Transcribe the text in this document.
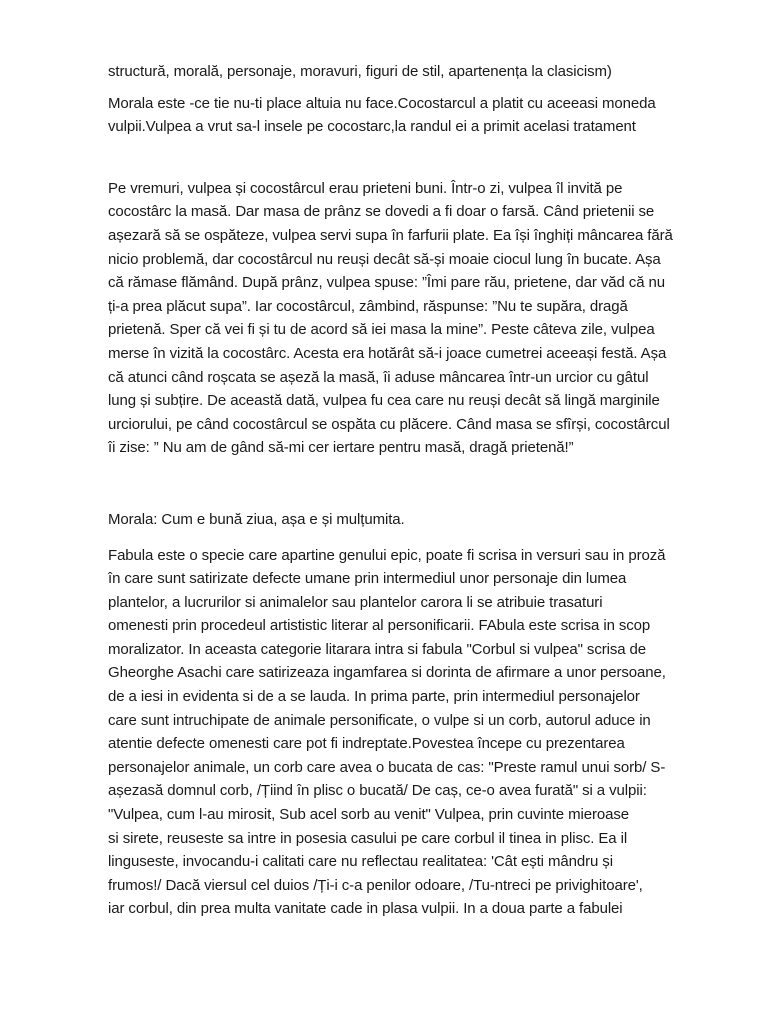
structură, morală, personaje, moravuri, figuri de stil, apartenența la clasicism)

Morala este -ce tie nu-ti place altuia nu face.Cocostarcul a platit cu aceeasi moneda
vulpii.Vulpea a vrut sa-l insele pe cocostarc,la randul ei a primit acelasi tratament

Pe vremuri, vulpea și cocostârcul erau prieteni buni. Într-o zi, vulpea îl invită pe
cocostârc la masă. Dar masa de prânz se dovedi a fi doar o farsă. Când prietenii se
așezară să se ospăteze, vulpea servi supa în farfurii plate. Ea își înghiți mâncarea fără
nicio problemă, dar cocostârcul nu reuși decât să-și moaie ciocul lung în bucate. Așa
că rămase flămând. După prânz, vulpea spuse: ”Îmi pare rău, prietene, dar văd că nu
ți-a prea plăcut supa”. Iar cocostârcul, zâmbind, răspunse: ”Nu te supăra, dragă
prietenă. Sper că vei fi și tu de acord să iei masa la mine”. Peste câteva zile, vulpea
merse în vizită la cocostârc. Acesta era hotărât să-i joace cumetrei aceeași festă. Așa
că atunci când roșcata se așeză la masă, îi aduse mâncarea într-un urcior cu gâtul
lung și subțire. De această dată, vulpea fu cea care nu reuși decât să lingă marginile
urciorului, pe când cocostârcul se ospăta cu plăcere. Când masa se sfîrși, cocostârcul
îi zise: ” Nu am de gând să-mi cer iertare pentru masă, dragă prietenă!”

Morala: Cum e bună ziua, așa e și mulțumita.

Fabula este o specie care apartine genului epic, poate fi scrisa in versuri sau in proză
în care sunt satirizate defecte umane prin intermediul unor personaje din lumea
plantelor, a lucrurilor si animalelor sau plantelor carora li se atribuie trasaturi
omenesti prin procedeul artististic literar al personificarii. FAbula este scrisa in scop
moralizator. In aceasta categorie litarara intra si fabula "Corbul si vulpea" scrisa de
Gheorghe Asachi care satirizeaza ingamfarea si dorinta de afirmare a unor persoane,
de a iesi in evidenta si de a se lauda. In prima parte, prin intermediul personajelor
care sunt intruchipate de animale personificate, o vulpe si un corb, autorul aduce in
atentie defecte omenesti care pot fi indreptate.Povestea începe cu prezentarea
personajelor animale, un corb care avea o bucata de cas: "Preste ramul unui sorb/ S-
așezasă domnul corb, /Țiind în plisc o bucată/ De caș, ce-o avea furată" si a vulpii:
"Vulpea, cum l-au mirosit, Sub acel sorb au venit" Vulpea, prin cuvinte mieroase
si sirete, reuseste sa intre in posesia casului pe care corbul il tinea in plisc. Ea il
linguseste, invocandu-i calitati care nu reflectau realitatea: 'Cât ești mândru și
frumos!/ Dacă viersul cel duios /Ți-i c-a penilor odoare, /Tu-ntreci pe privighitoare',
iar corbul, din prea multa vanitate cade in plasa vulpii. In a doua parte a fabulei
